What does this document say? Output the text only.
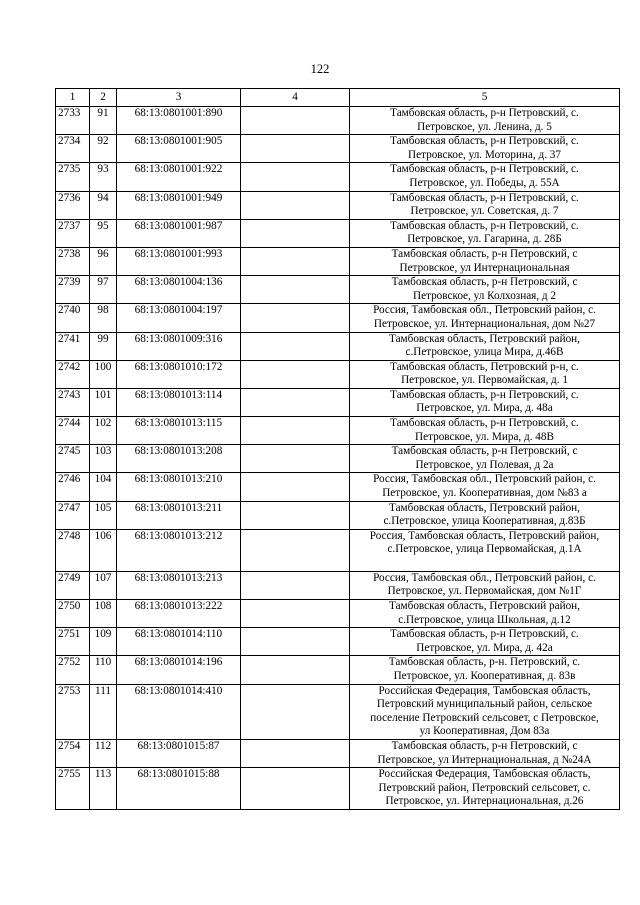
122
1	2	3	4	5
2733	91	68:13:0801001:890		Тамбовская область, р-н Петровский, с.
Петровское, ул. Ленина, д. 5

2734	92	68:13:0801001:905		Тамбовская область, р-н Петровский, с.
Петровское, ул. Моторина, д. 37

2735	93	68:13:0801001:922		Тамбовская область, р-н Петровский, с.
Петровское, ул. Победы, д. 55А

2736	94	68:13:0801001:949		Тамбовская область, р-н Петровский, с.
Петровское, ул. Советская, д. 7

2737	95	68:13:0801001:987		Тамбовская область, р-н Петровский, с.
Петровское, ул. Гагарина, д. 28Б

2738	96	68:13:0801001:993		Тамбовская область, р-н Петровский, с
Петровское, ул Интернациональная

2739	97	68:13:0801004:136		Тамбовская область, р-н Петровский, с
Петровское, ул Колхозная, д 2

2740	98	68:13:0801004:197		Россия, Тамбовская обл., Петровский район, с.
Петровское, ул. Интернациональная, дом №27

2741	99	68:13:0801009:316		Тамбовская область, Петровский район,
с.Петровское, улица Мира, д.46В

2742	100	68:13:0801010:172		Тамбовская область, Петровский р-н, с.
Петровское, ул. Первомайская, д. 1

2743	101	68:13:0801013:114		Тамбовская область, р-н Петровский, с.
Петровское, ул. Мира, д. 48а

2744	102	68:13:0801013:115		Тамбовская область, р-н Петровский, с.
Петровское, ул. Мира, д. 48В

2745	103	68:13:0801013:208		Тамбовская область, р-н Петровский, с
Петровское, ул Полевая, д 2а

2746	104	68:13:0801013:210		Россия, Тамбовская обл., Петровский район, с.
Петровское, ул. Кооперативная, дом №83 а

2747	105	68:13:0801013:211		Тамбовская область, Петровский район,
с.Петровское, улица Кооперативная, д.83Б

2748	106	68:13:0801013:212		Россия, Тамбовская область, Петровский район,
с.Петровское, улица Первомайская, д.1А

2749	107	68:13:0801013:213		Россия, Тамбовская обл., Петровский район, с.
Петровское, ул. Первомайская, дом №1Г

2750	108	68:13:0801013:222		Тамбовская область, Петровский район,
с.Петровское, улица Школьная, д.12

2751	109	68:13:0801014:110		Тамбовская область, р-н Петровский, с.
Петровское, ул. Мира, д. 42а

2752	110	68:13:0801014:196		Тамбовская область, р-н. Петровский, с.
Петровское, ул. Кооперативная, д. 83в

2753	111	68:13:0801014:410		Российская Федерация, Тамбовская область,
Петровский муниципальный район, сельское
поселение Петровский сельсовет, с Петровское,
ул Кооперативная, Дом 83а

2754	112	68:13:0801015:87		Тамбовская область, р-н Петровский, с
Петровское, ул Интернациональная, д №24А

2755	113	68:13:0801015:88		Российская Федерация, Тамбовская область,
Петровский район, Петровский сельсовет, с.
Петровское, ул. Интернациональная, д.26
